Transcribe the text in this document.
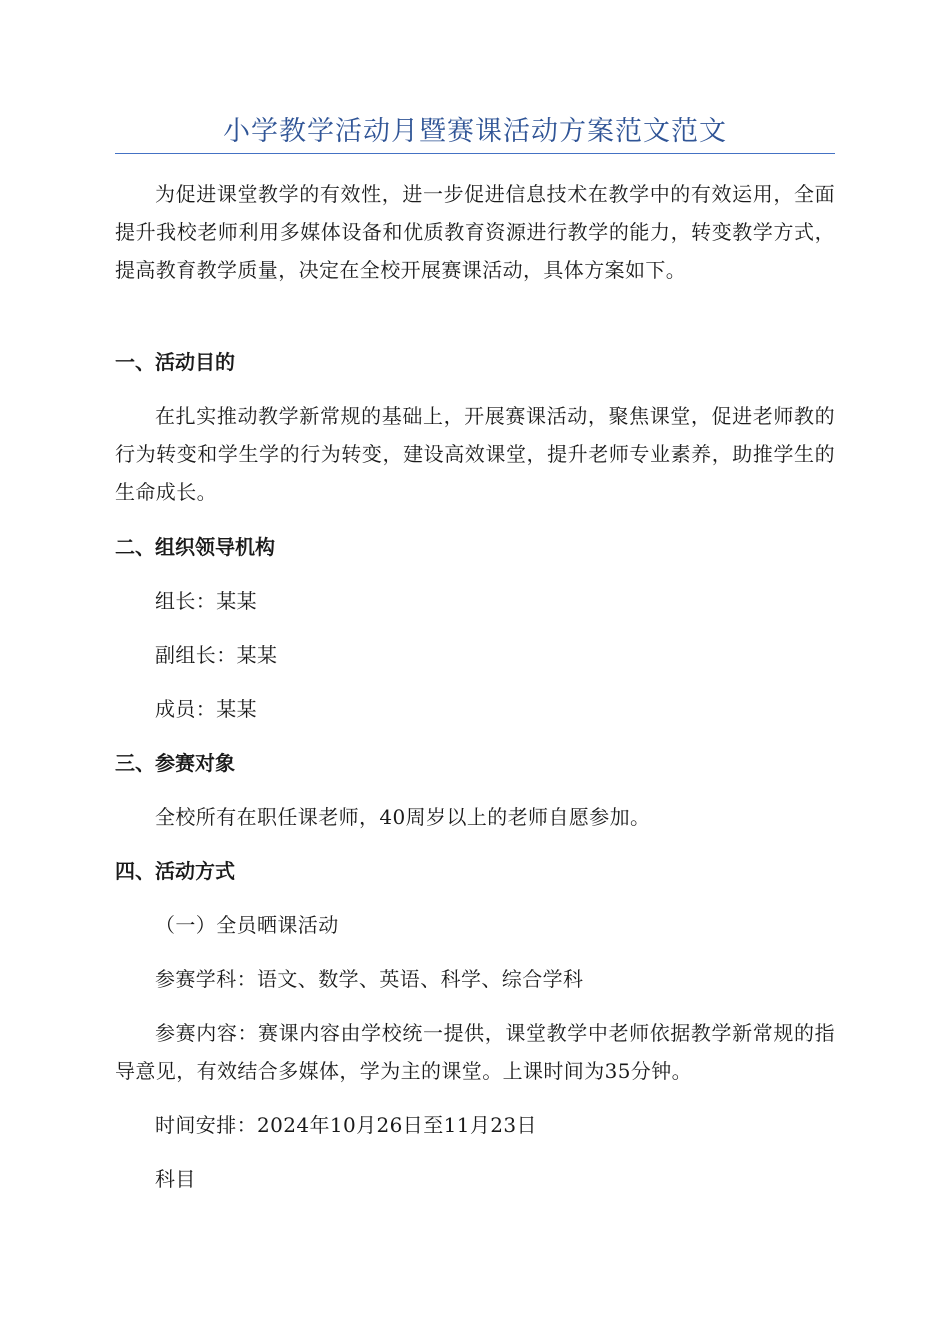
小学教学活动月暨赛课活动方案范文范文

为促进课堂教学的有效性，进一步促进信息技术在教学中的有效运用，全面提升我校老师利用多媒体设备和优质教育资源进行教学的能力，转变教学方式，提高教育教学质量，决定在全校开展赛课活动，具体方案如下。

一、活动目的

在扎实推动教学新常规的基础上，开展赛课活动，聚焦课堂，促进老师教的行为转变和学生学的行为转变，建设高效课堂，提升老师专业素养，助推学生的生命成长。

二、组织领导机构

组长：某某

副组长：某某

成员：某某

三、参赛对象

全校所有在职任课老师，40周岁以上的老师自愿参加。

四、活动方式

（一）全员晒课活动

参赛学科：语文、数学、英语、科学、综合学科

参赛内容：赛课内容由学校统一提供，课堂教学中老师依据教学新常规的指导意见，有效结合多媒体，学为主的课堂。上课时间为35分钟。

时间安排：2024年10月26日至11月23日

科目
